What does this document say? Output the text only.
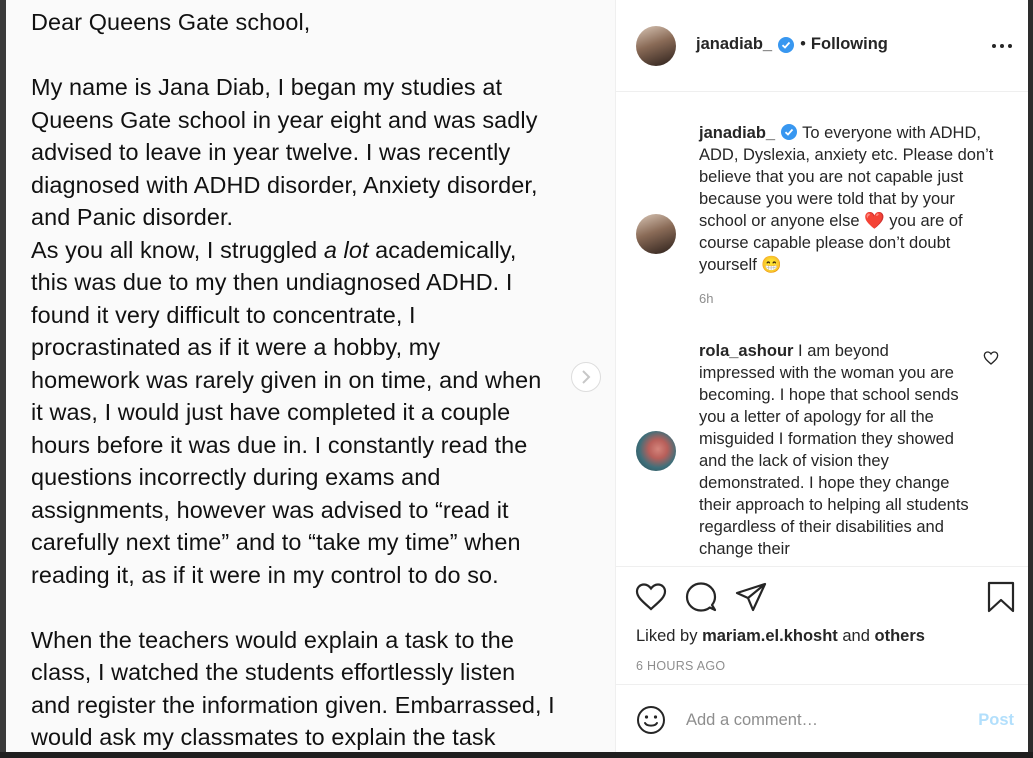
Dear Queens Gate school,

My name is Jana Diab, I began my studies at

Queens Gate school in year eight and was sadly

advised to leave in year twelve. I was recently

diagnosed with ADHD disorder, Anxiety disorder,

and Panic disorder.

As you all know, I struggled a lot academically,

this was due to my then undiagnosed ADHD. I

found it very difficult to concentrate, I

procrastinated as if it were a hobby, my

homework was rarely given in on time, and when

it was, I would just have completed it a couple

hours before it was due in. I constantly read the

questions incorrectly during exams and

assignments, however was advised to “read it

carefully next time” and to “take my time” when

reading it, as if it were in my control to do so.

When the teachers would explain a task to the

class, I watched the students effortlessly listen

and register the information given. Embarrassed, I

would ask my classmates to explain the task

janadiab_ • Following
janadiab_ To everyone with ADHD, ADD, Dyslexia, anxiety etc. Please don’t believe that you are not capable just because you were told that by your school or anyone else ❤️ you are of course capable please don’t doubt yourself 😁
6h
rola_ashour I am beyond impressed with the woman you are becoming. I hope that school sends you a letter of apology for all the misguided I formation they showed and the lack of vision they demonstrated. I hope they change their approach to helping all students regardless of their disabilities and change their
Liked by mariam.el.khosht and others
6 HOURS AGO
Add a comment…
Post
